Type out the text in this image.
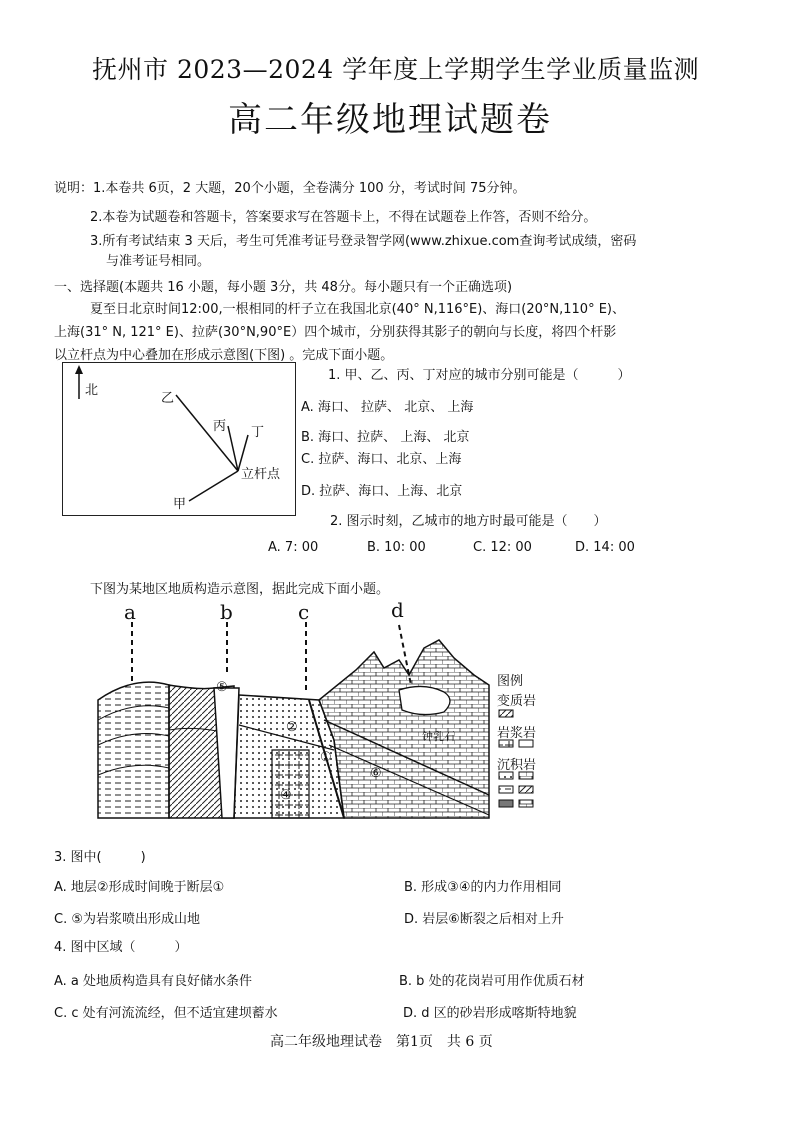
抚州市 2023—2024 学年度上学期学生学业质量监测
高二年级地理试题卷
说明：1.本卷共 6页，2 大题，20个小题，全卷满分 100 分，考试时间 75分钟。
2.本卷为试题卷和答题卡，答案要求写在答题卡上，不得在试题卷上作答，否则不给分。
3.所有考试结束 3 天后，考生可凭准考证号登录智学网(www.zhixue.com查询考试成绩，密码
与准考证号相同。
一、选择题(本题共 16 小题，每小题 3分，共 48分。每小题只有一个正确选项)
夏至日北京时间12:00,一根相同的杆子立在我国北京(40° N,116°E)、海口(20°N,110° E)、
上海(31° N, 121° E)、拉萨(30°N,90°E）四个城市，分别获得其影子的朝向与长度，将四个杆影
以立杆点为中心叠加在形成示意图(下图) 。完成下面小题。
北
乙
丙 丁
甲
立杆点
1. 甲、乙、丙、丁对应的城市分别可能是（　　　）
A. 海口、 拉萨、 北京、 上海
B. 海口、拉萨、 上海、 北京
C. 拉萨、海口、北京、上海
D. 拉萨、海口、上海、北京
2. 图示时刻，乙城市的地方时最可能是（　　）
A. 7: 00	B. 10: 00	C. 12: 00	D. 14: 00
下图为某地区地质构造示意图，据此完成下面小题。
a	b	c	d
⑤
②
①
④
⑥
钟乳石
图例
变质岩
岩浆岩
沉积岩
3. 图中(　　　)
A. 地层②形成时间晚于断层①	B. 形成③④的内力作用相同
C. ⑤为岩浆喷出形成山地	D. 岩层⑥断裂之后相对上升
4. 图中区域（　　　）
A. a 处地质构造具有良好储水条件	B. b 处的花岗岩可用作优质石材
C. c 处有河流流经，但不适宜建坝蓄水	D. d 区的砂岩形成喀斯特地貌
高二年级地理试卷　第1页　共 6 页
